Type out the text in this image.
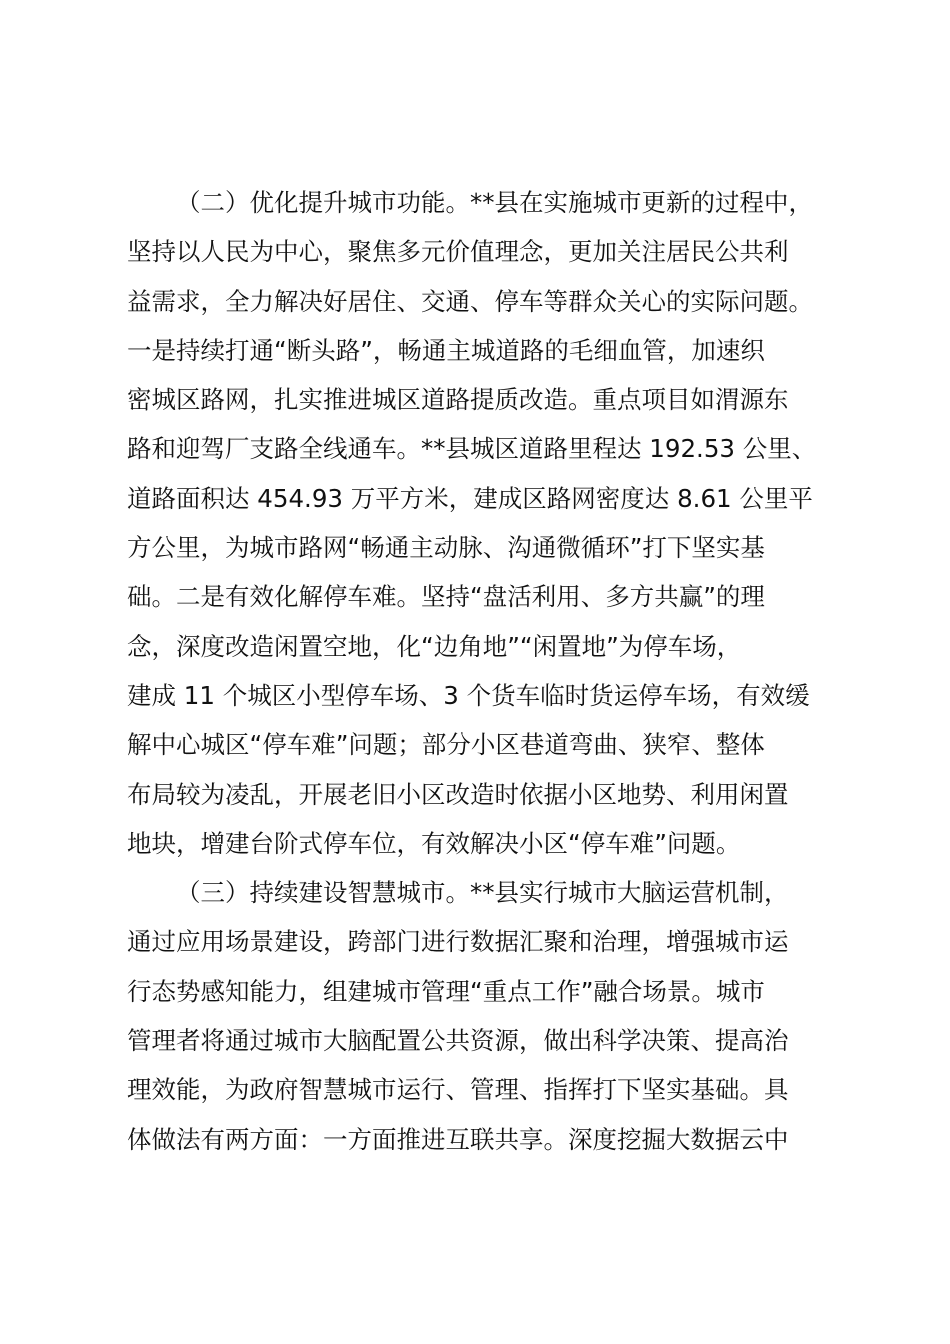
（二）优化提升城市功能。**县在实施城市更新的过程中，
坚持以人民为中心，聚焦多元价值理念，更加关注居民公共利
益需求，全力解决好居住、交通、停车等群众关心的实际问题。
一是持续打通“断头路”，畅通主城道路的毛细血管，加速织
密城区路网，扎实推进城区道路提质改造。重点项目如渭源东
路和迎驾厂支路全线通车。**县城区道路里程达 192.53 公里、
道路面积达 454.93 万平方米，建成区路网密度达 8.61 公里平
方公里，为城市路网“畅通主动脉、沟通微循环”打下坚实基
础。二是有效化解停车难。坚持“盘活利用、多方共赢”的理
念，深度改造闲置空地，化“边角地”“闲置地”为停车场，
建成 11 个城区小型停车场、3 个货车临时货运停车场，有效缓
解中心城区“停车难”问题；部分小区巷道弯曲、狭窄、整体
布局较为凌乱，开展老旧小区改造时依据小区地势、利用闲置
地块，增建台阶式停车位，有效解决小区“停车难”问题。
（三）持续建设智慧城市。**县实行城市大脑运营机制，
通过应用场景建设，跨部门进行数据汇聚和治理，增强城市运
行态势感知能力，组建城市管理“重点工作”融合场景。城市
管理者将通过城市大脑配置公共资源，做出科学决策、提高治
理效能，为政府智慧城市运行、管理、指挥打下坚实基础。具
体做法有两方面：一方面推进互联共享。深度挖掘大数据云中
